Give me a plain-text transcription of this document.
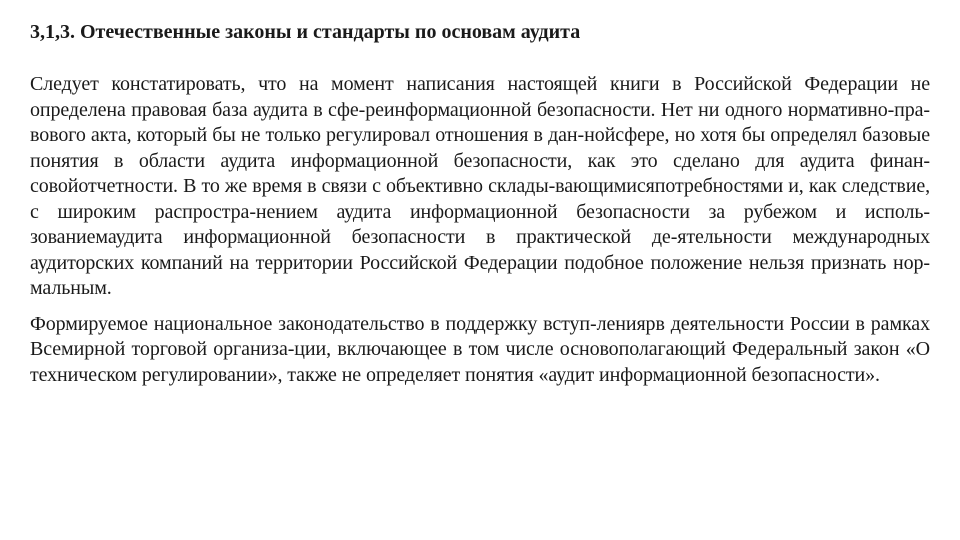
3,1,3. Отечественные законы и стандарты по основам аудита

Следует констатировать, что на момент написания настоящей книги в Российской Федерации не определена правовая база аудита в сфе-реинформационной безопасности. Нет ни одного нормативно-пра-вового акта, который бы не только регулировал отношения в дан-нойсфере, но хотя бы определял базовые понятия в области аудита информационной безопасности, как это сделано для аудита финан-совойотчетности. В то же время в связи с объективно склады-вающимисяпотребностями и, как следствие, с широким распростра-нением аудита информационной безопасности за рубежом и исполь-зованиемаудита информационной безопасности в практической де-ятельности международных аудиторских компаний на территории Российской Федерации подобное положение нельзя признать нор-мальным.

Формируемое национальное законодательство в поддержку вступ-лениярв деятельности России в рамках Всемирной торговой организа-ции, включающее в том числе основополагающий Федеральный закон «О техническом регулировании», также не определяет понятия «аудит информационной безопасности».
